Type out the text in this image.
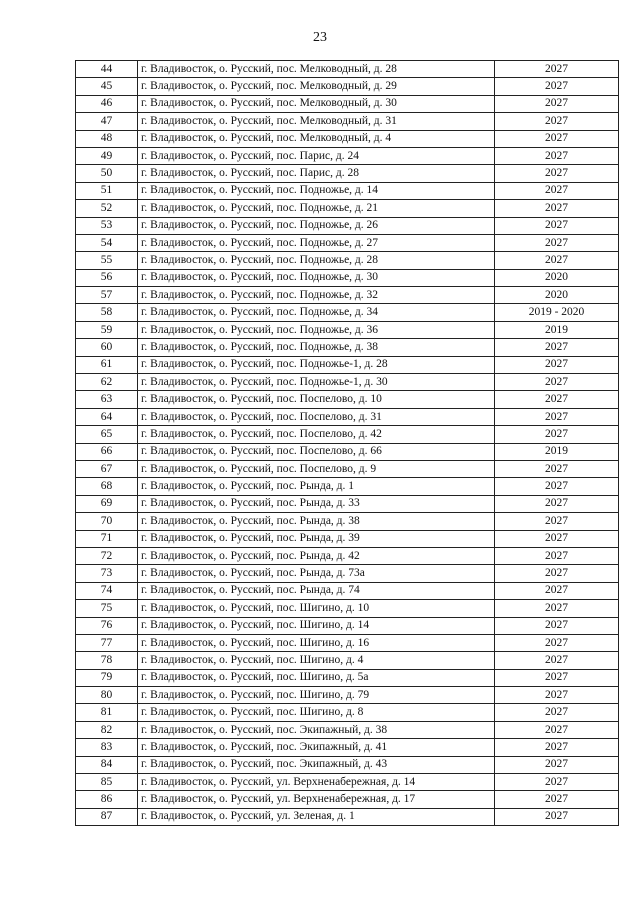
23
44	г. Владивосток, о. Русский, пос. Мелководный, д. 28	2027
45	г. Владивосток, о. Русский, пос. Мелководный, д. 29	2027
46	г. Владивосток, о. Русский, пос. Мелководный, д. 30	2027
47	г. Владивосток, о. Русский, пос. Мелководный, д. 31	2027
48	г. Владивосток, о. Русский, пос. Мелководный, д. 4	2027
49	г. Владивосток, о. Русский, пос. Парис, д. 24	2027
50	г. Владивосток, о. Русский, пос. Парис, д. 28	2027
51	г. Владивосток, о. Русский, пос. Подножье, д. 14	2027
52	г. Владивосток, о. Русский, пос. Подножье, д. 21	2027
53	г. Владивосток, о. Русский, пос. Подножье, д. 26	2027
54	г. Владивосток, о. Русский, пос. Подножье, д. 27	2027
55	г. Владивосток, о. Русский, пос. Подножье, д. 28	2027
56	г. Владивосток, о. Русский, пос. Подножье, д. 30	2020
57	г. Владивосток, о. Русский, пос. Подножье, д. 32	2020
58	г. Владивосток, о. Русский, пос. Подножье, д. 34	2019 - 2020
59	г. Владивосток, о. Русский, пос. Подножье, д. 36	2019
60	г. Владивосток, о. Русский, пос. Подножье, д. 38	2027
61	г. Владивосток, о. Русский, пос. Подножье-1, д. 28	2027
62	г. Владивосток, о. Русский, пос. Подножье-1, д. 30	2027
63	г. Владивосток, о. Русский, пос. Поспелово, д. 10	2027
64	г. Владивосток, о. Русский, пос. Поспелово, д. 31	2027
65	г. Владивосток, о. Русский, пос. Поспелово, д. 42	2027
66	г. Владивосток, о. Русский, пос. Поспелово, д. 66	2019
67	г. Владивосток, о. Русский, пос. Поспелово, д. 9	2027
68	г. Владивосток, о. Русский, пос. Рында, д. 1	2027
69	г. Владивосток, о. Русский, пос. Рында, д. 33	2027
70	г. Владивосток, о. Русский, пос. Рында, д. 38	2027
71	г. Владивосток, о. Русский, пос. Рында, д. 39	2027
72	г. Владивосток, о. Русский, пос. Рында, д. 42	2027
73	г. Владивосток, о. Русский, пос. Рында, д. 73а	2027
74	г. Владивосток, о. Русский, пос. Рында, д. 74	2027
75	г. Владивосток, о. Русский, пос. Шигино, д. 10	2027
76	г. Владивосток, о. Русский, пос. Шигино, д. 14	2027
77	г. Владивосток, о. Русский, пос. Шигино, д. 16	2027
78	г. Владивосток, о. Русский, пос. Шигино, д. 4	2027
79	г. Владивосток, о. Русский, пос. Шигино, д. 5а	2027
80	г. Владивосток, о. Русский, пос. Шигино, д. 79	2027
81	г. Владивосток, о. Русский, пос. Шигино, д. 8	2027
82	г. Владивосток, о. Русский, пос. Экипажный, д. 38	2027
83	г. Владивосток, о. Русский, пос. Экипажный, д. 41	2027
84	г. Владивосток, о. Русский, пос. Экипажный, д. 43	2027
85	г. Владивосток, о. Русский, ул. Верхненабережная, д. 14	2027
86	г. Владивосток, о. Русский, ул. Верхненабережная, д. 17	2027
87	г. Владивосток, о. Русский, ул. Зеленая, д. 1	2027
